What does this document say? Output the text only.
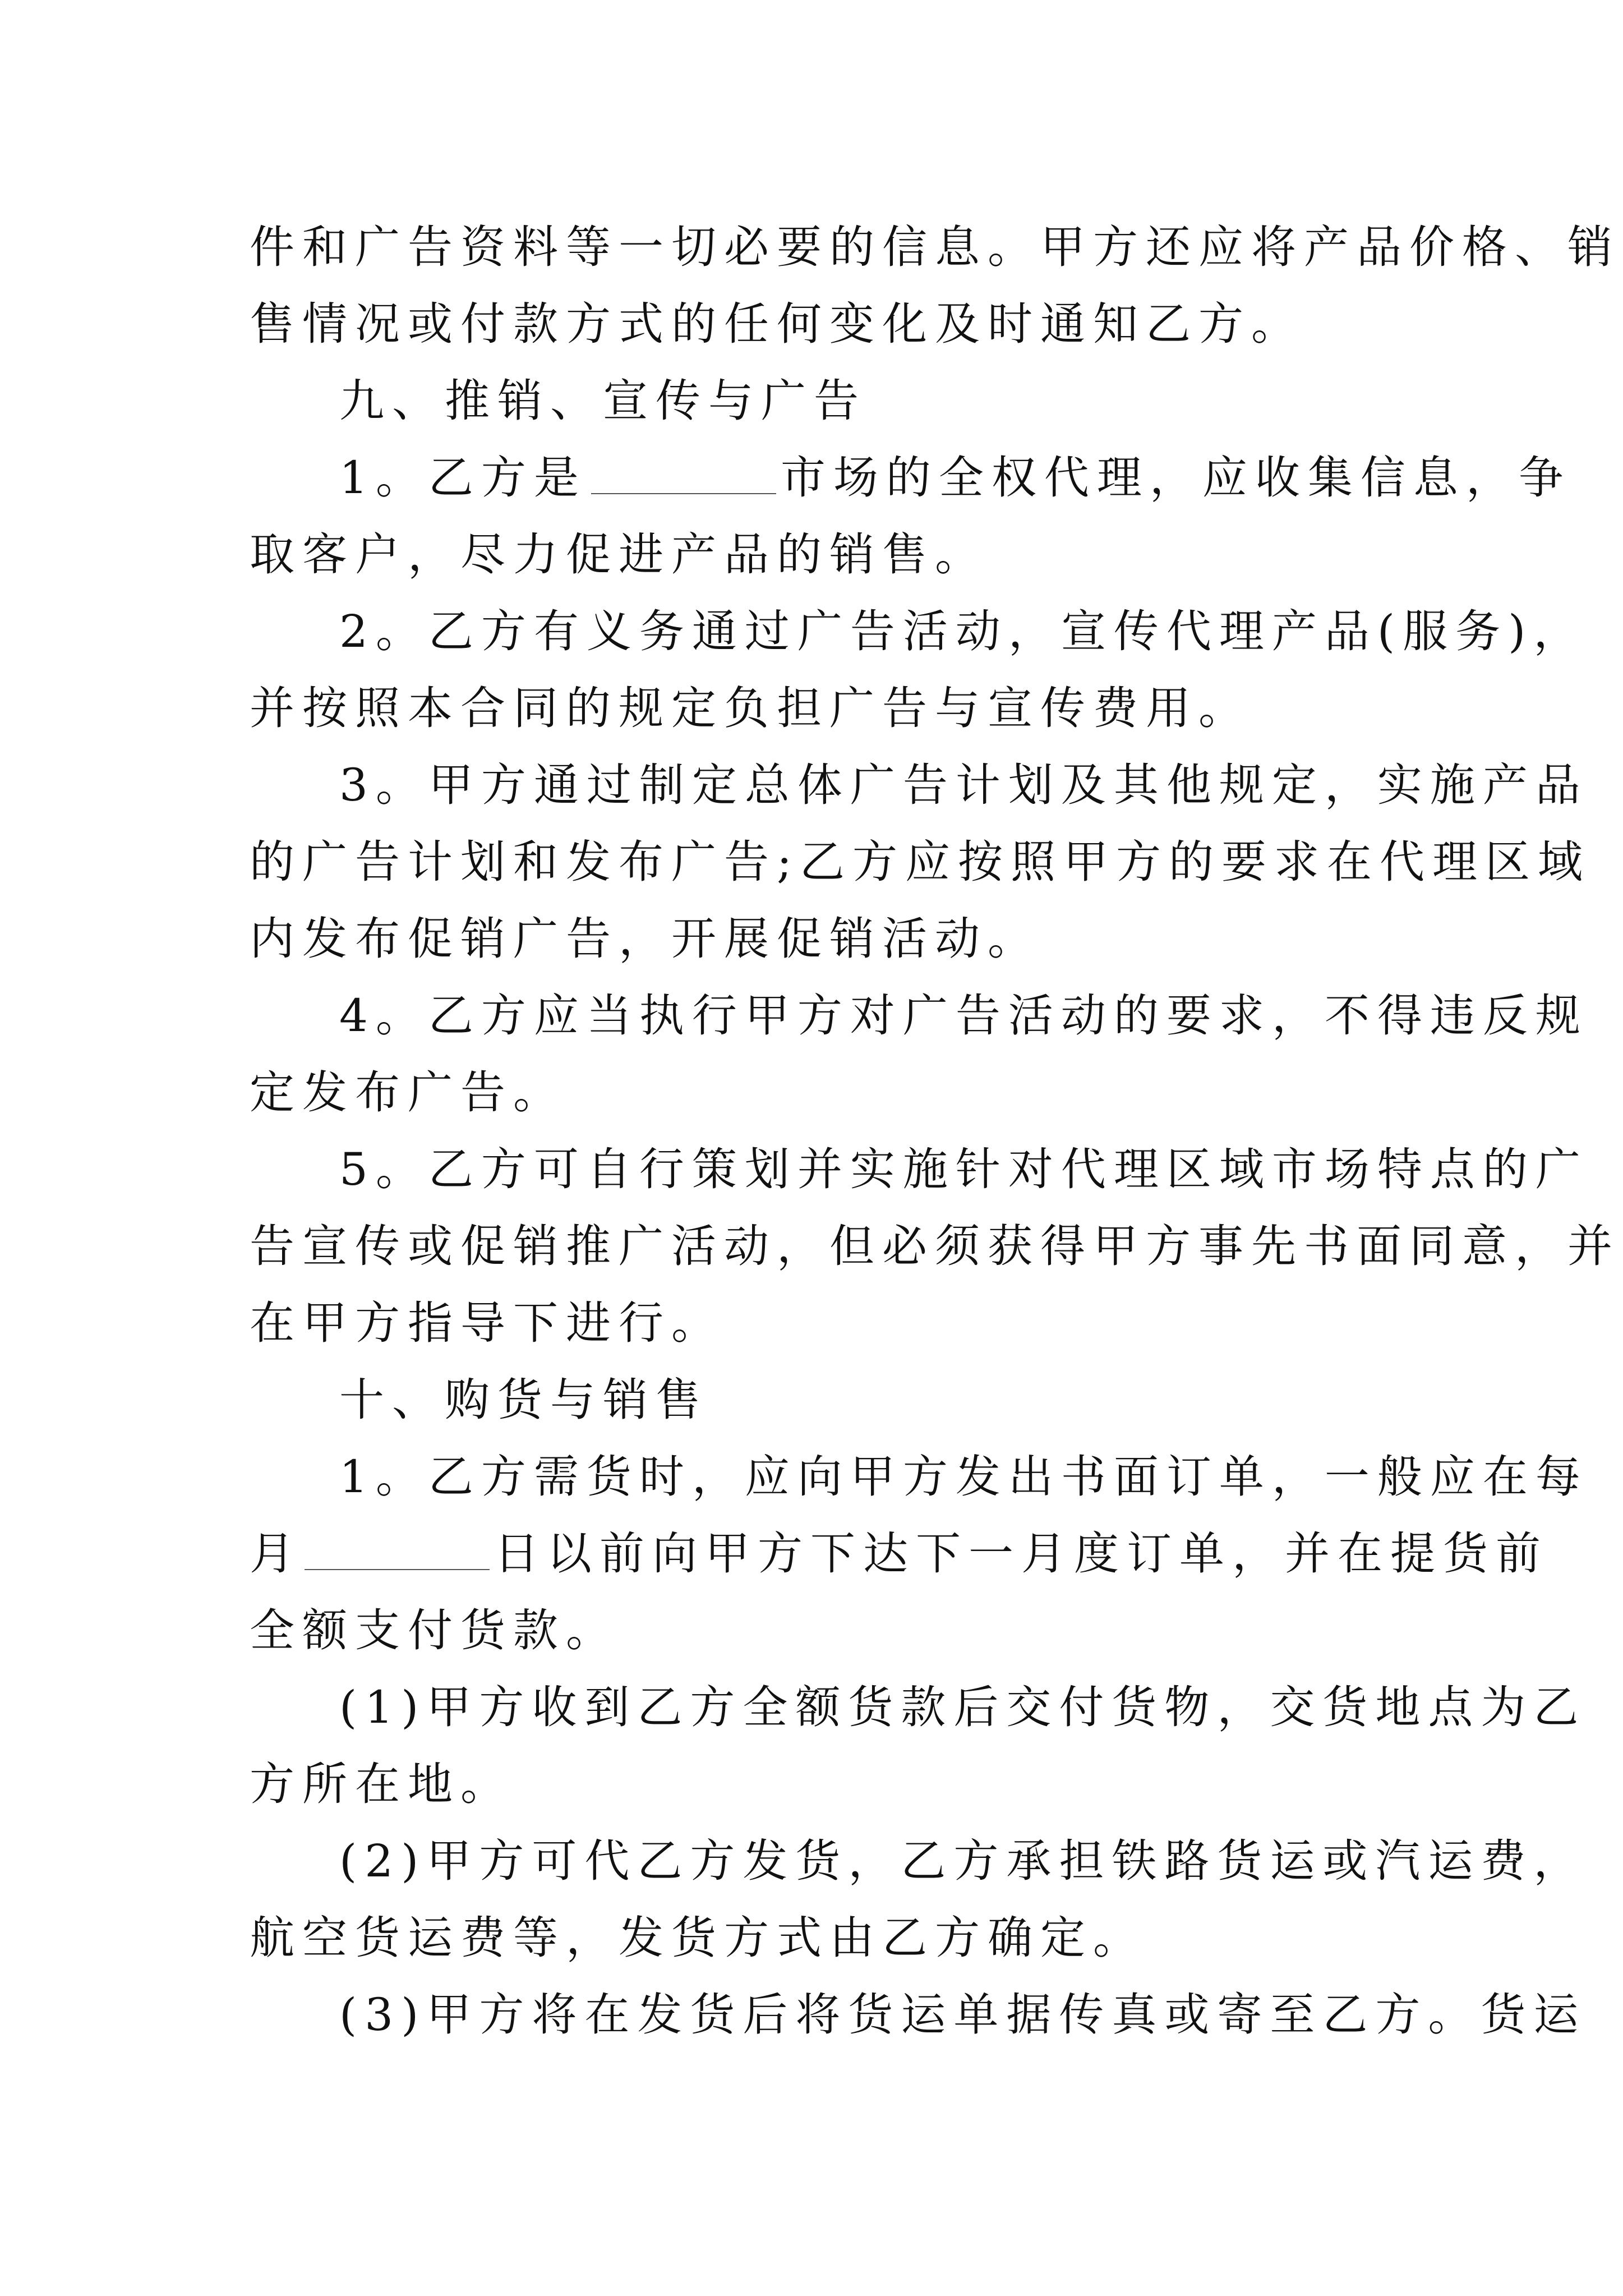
件和广告资料等一切必要的信息。甲方还应将产品价格、销
售情况或付款方式的任何变化及时通知乙方。
九、推销、宣传与广告
1。乙方是	市场的全权代理，应收集信息，争
取客户，尽力促进产品的销售。
2。乙方有义务通过广告活动，宣传代理产品(服务)，
并按照本合同的规定负担广告与宣传费用。
3。甲方通过制定总体广告计划及其他规定，实施产品
的广告计划和发布广告;乙方应按照甲方的要求在代理区域
内发布促销广告，开展促销活动。
4。乙方应当执行甲方对广告活动的要求，不得违反规
定发布广告。
5。乙方可自行策划并实施针对代理区域市场特点的广
告宣传或促销推广活动，但必须获得甲方事先书面同意，并
在甲方指导下进行。
十、购货与销售
1。乙方需货时，应向甲方发出书面订单，一般应在每
月	日以前向甲方下达下一月度订单，并在提货前
全额支付货款。
(1)甲方收到乙方全额货款后交付货物，交货地点为乙
方所在地。
(2)甲方可代乙方发货，乙方承担铁路货运或汽运费，
航空货运费等，发货方式由乙方确定。
(3)甲方将在发货后将货运单据传真或寄至乙方。货运
